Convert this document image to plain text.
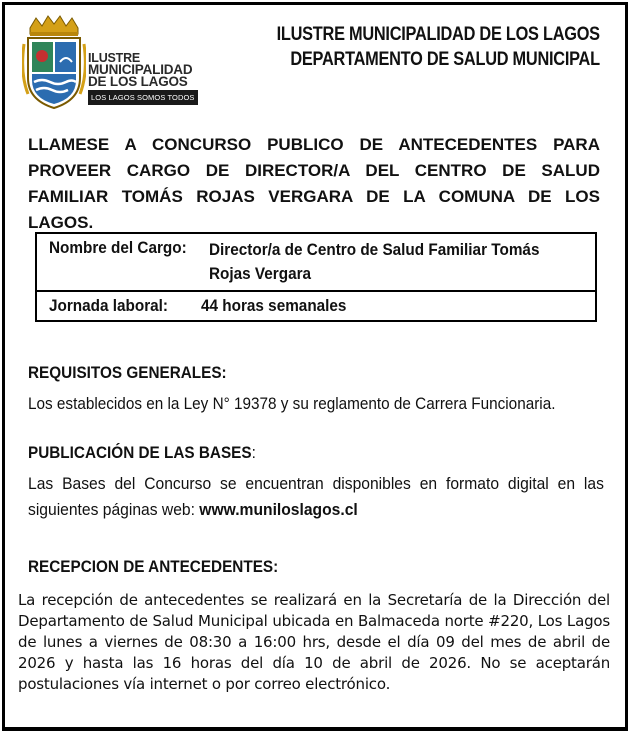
ILUSTRE
MUNICIPALIDAD
DE LOS LAGOS
LOS LAGOS SOMOS TODOS
ILUSTRE MUNICIPALIDAD DE LOS LAGOS
DEPARTAMENTO DE SALUD MUNICIPAL
LLAMESE A CONCURSO PUBLICO DE ANTECEDENTES PARA PROVEER CARGO DE DIRECTOR/A DEL CENTRO DE SALUD FAMILIAR TOMÁS ROJAS VERGARA DE LA COMUNA DE LOS LAGOS.
Nombre del Cargo:	Director/a de Centro de Salud Familiar Tomás
Rojas Vergara
Jornada laboral:	44 horas semanales
REQUISITOS GENERALES:
Los establecidos en la Ley N° 19378 y su reglamento de Carrera Funcionaria.
PUBLICACIÓN DE LAS BASES:
Las Bases del Concurso se encuentran disponibles en formato digital en las siguientes páginas web: www.muniloslagos.cl
RECEPCION DE ANTECEDENTES:
La recepción de antecedentes se realizará en la Secretaría de la Dirección del Departamento de Salud Municipal ubicada en Balmaceda norte #220, Los Lagos de lunes a viernes de 08:30 a 16:00 hrs, desde el día 09 del mes de abril de 2026 y hasta las 16 horas del día 10 de abril de 2026. No se aceptarán postulaciones vía internet o por correo electrónico.
